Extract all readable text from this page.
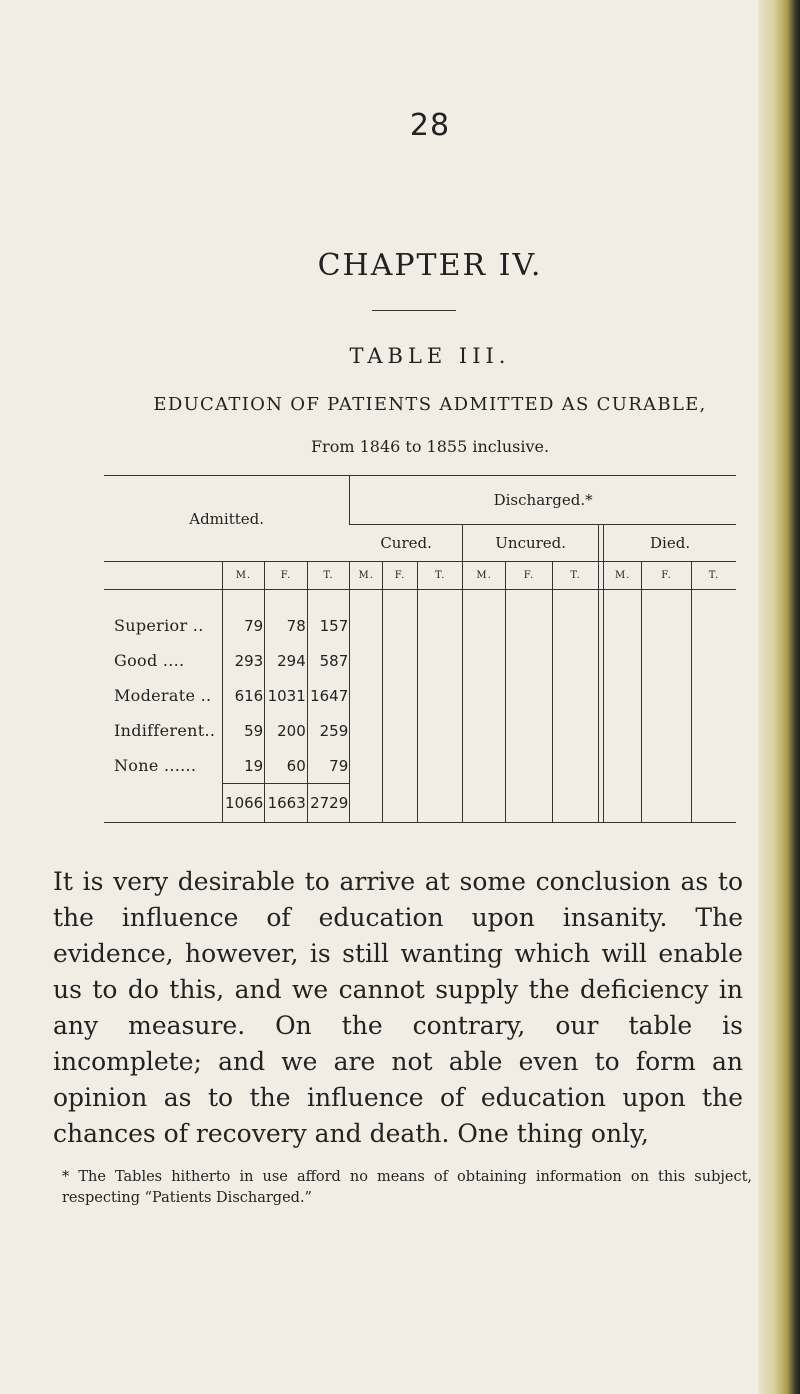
28
CHAPTER IV.
TABLE III.
EDUCATION OF PATIENTS ADMITTED AS CURABLE,
From 1846 to 1855 inclusive.
Admitted.				Discharged.*									
				Cured.			Uncured.				Died.		
	M.	F.	T.	M.	F.	T.	M.	F.	T.		M.	F.	T.

Superior ..	79	78	157										
Good ....	293	294	587										
Moderate ..	616	1031	1647										
Indifferent..	59	200	259										
None ......	19	60	79										
	1066	1663	2729										

It is very desirable to arrive at some conclusion as to the influence of education upon insanity. The evidence, however, is still wanting which will enable us to do this, and we cannot supply the deficiency in any measure. On the contrary, our table is incomplete; and we are not able even to form an opinion as to the influence of education upon the chances of recovery and death. One thing only,

* The Tables hitherto in use afford no means of obtaining information on this subject, respecting “Patients Discharged.”
